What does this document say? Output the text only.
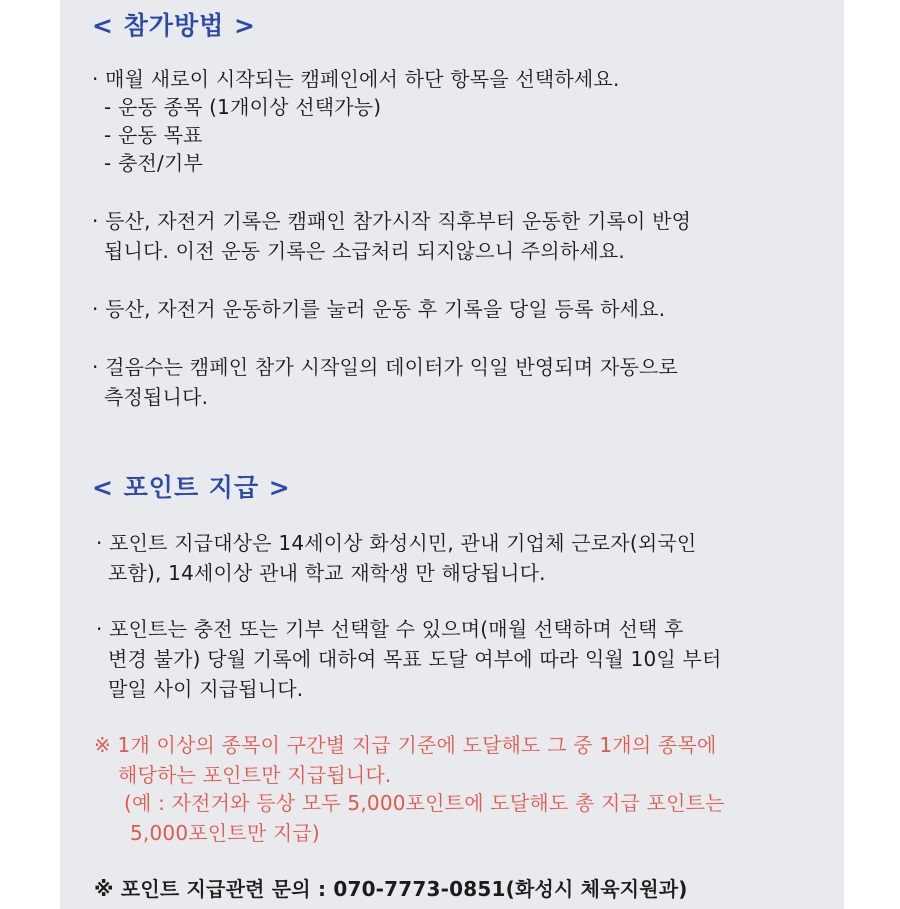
< 참가방법 >
· 매월 새로이 시작되는 캠페인에서 하단 항목을 선택하세요.
- 운동 종목 (1개이상 선택가능)
- 운동 목표
- 충전/기부
· 등산, 자전거 기록은 캠패인 참가시작 직후부터 운동한 기록이 반영
됩니다. 이전 운동 기록은 소급처리 되지않으니 주의하세요.
· 등산, 자전거 운동하기를 눌러 운동 후 기록을 당일 등록 하세요.
· 걸음수는 캠페인 참가 시작일의 데이터가 익일 반영되며 자동으로
측정됩니다.
< 포인트 지급 >
· 포인트 지급대상은 14세이상 화성시민, 관내 기업체 근로자(외국인
포함), 14세이상 관내 학교 재학생 만 해당됩니다.
· 포인트는 충전 또는 기부 선택할 수 있으며(매월 선택하며 선택 후
변경 불가) 당월 기록에 대하여 목표 도달 여부에 따라 익월 10일 부터
말일 사이 지급됩니다.
※ 1개 이상의 종목이 구간별 지급 기준에 도달해도 그 중 1개의 종목에
해당하는 포인트만 지급됩니다.
(예 : 자전거와 등상 모두 5,000포인트에 도달해도 총 지급 포인트는
5,000포인트만 지급)
※ 포인트 지급관련 문의 : 070-7773-0851(화성시 체육지원과)
